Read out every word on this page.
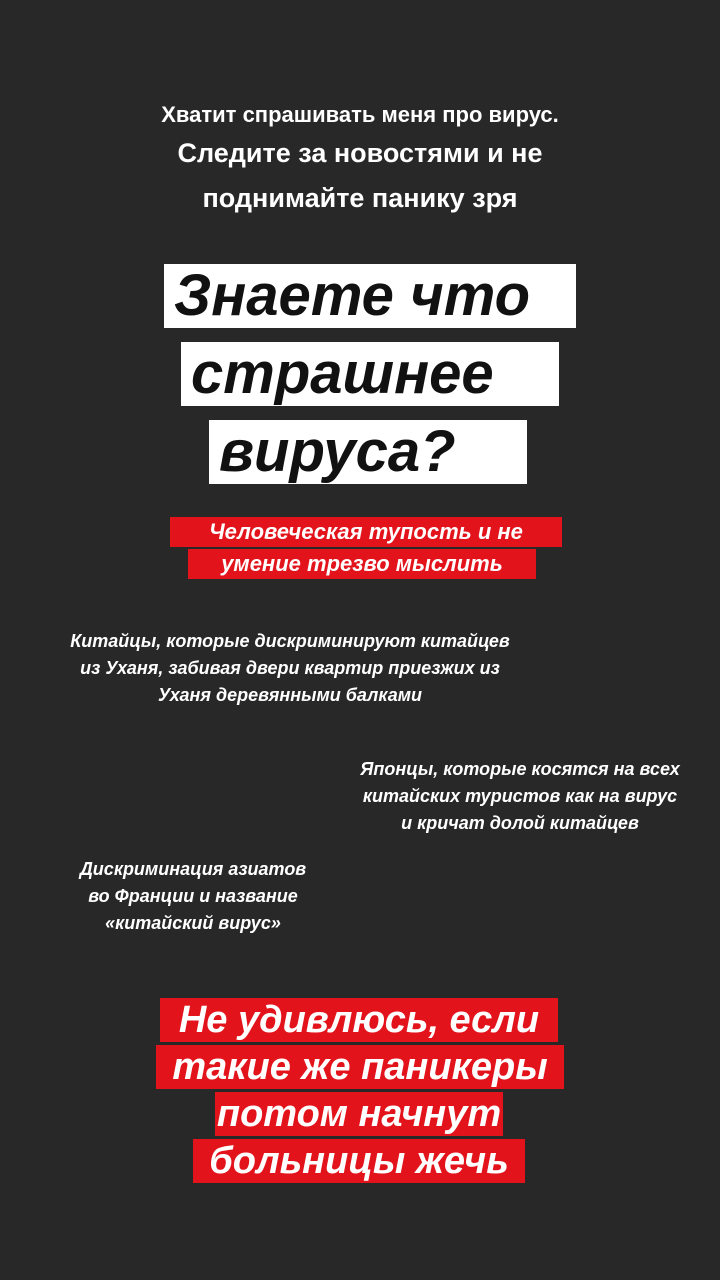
Хватит спрашивать меня про вирус.
Следите за новостями и не
поднимайте панику зря
Знаете что
страшнее
вируса?
Человеческая тупость и не
умение трезво мыслить
Китайцы, которые дискриминируют китайцев
из Уханя, забивая двери квартир приезжих из
Уханя деревянными балками
Японцы, которые косятся на всех
китайских туристов как на вирус
и кричат долой китайцев
Дискриминация азиатов
во Франции и название
«китайский вирус»
Не удивлюсь, если
такие же паникеры
потом начнут
больницы жечь
